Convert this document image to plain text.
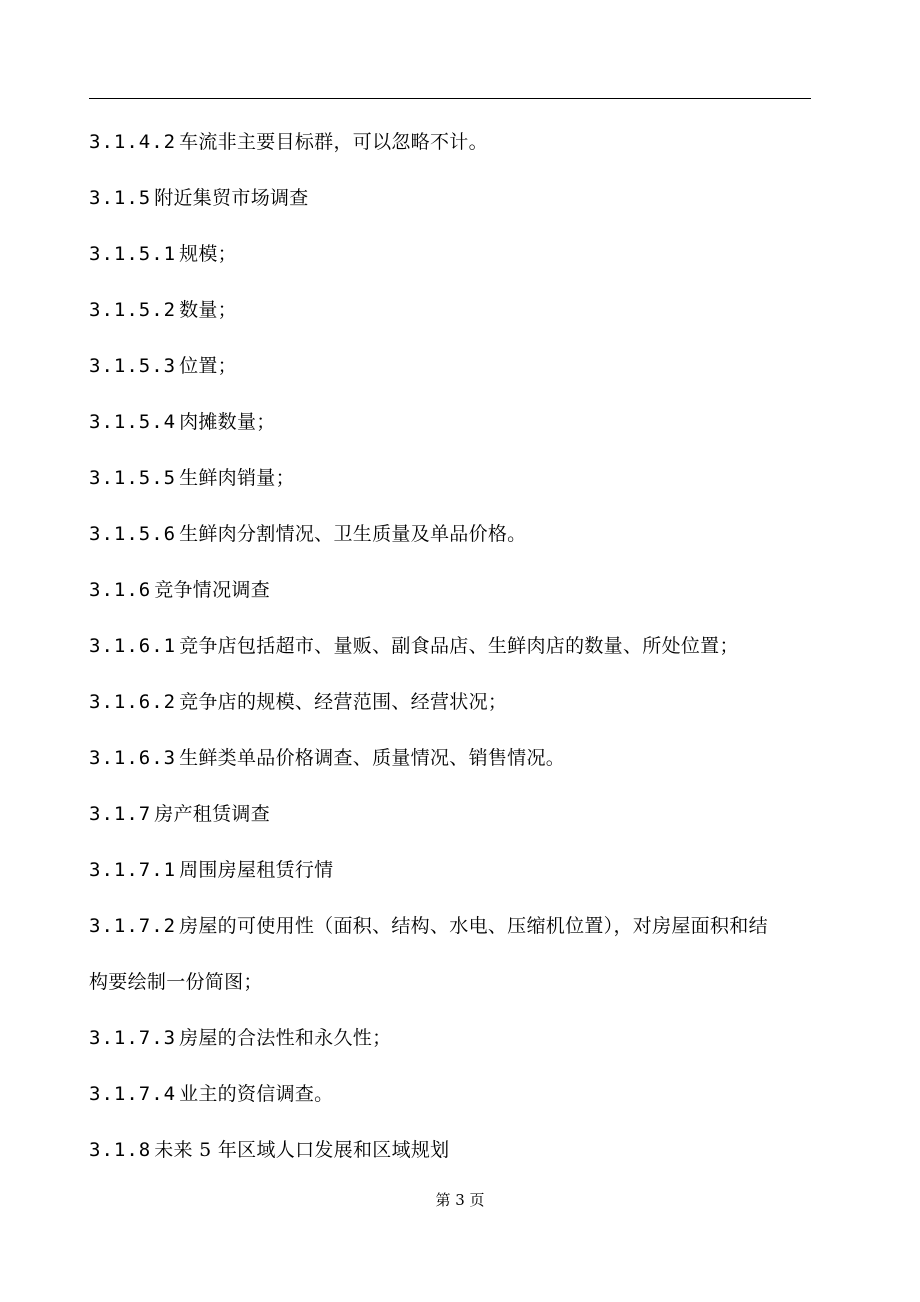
3.1.4.2 车流非主要目标群，可以忽略不计。
3.1.5 附近集贸市场调查
3.1.5.1 规模；
3.1.5.2 数量；
3.1.5.3 位置；
3.1.5.4 肉摊数量；
3.1.5.5 生鲜肉销量；
3.1.5.6 生鲜肉分割情况、卫生质量及单品价格。
3.1.6 竞争情况调查
3.1.6.1 竞争店包括超市、量贩、副食品店、生鲜肉店的数量、所处位置；
3.1.6.2 竞争店的规模、经营范围、经营状况；
3.1.6.3 生鲜类单品价格调查、质量情况、销售情况。
3.1.7 房产租赁调查
3.1.7.1 周围房屋租赁行情
3.1.7.2 房屋的可使用性（面积、结构、水电、压缩机位置），对房屋面积和结
构要绘制一份简图；
3.1.7.3 房屋的合法性和永久性；
3.1.7.4 业主的资信调查。
3.1.8 未来 5 年区域人口发展和区域规划
第 3 页
